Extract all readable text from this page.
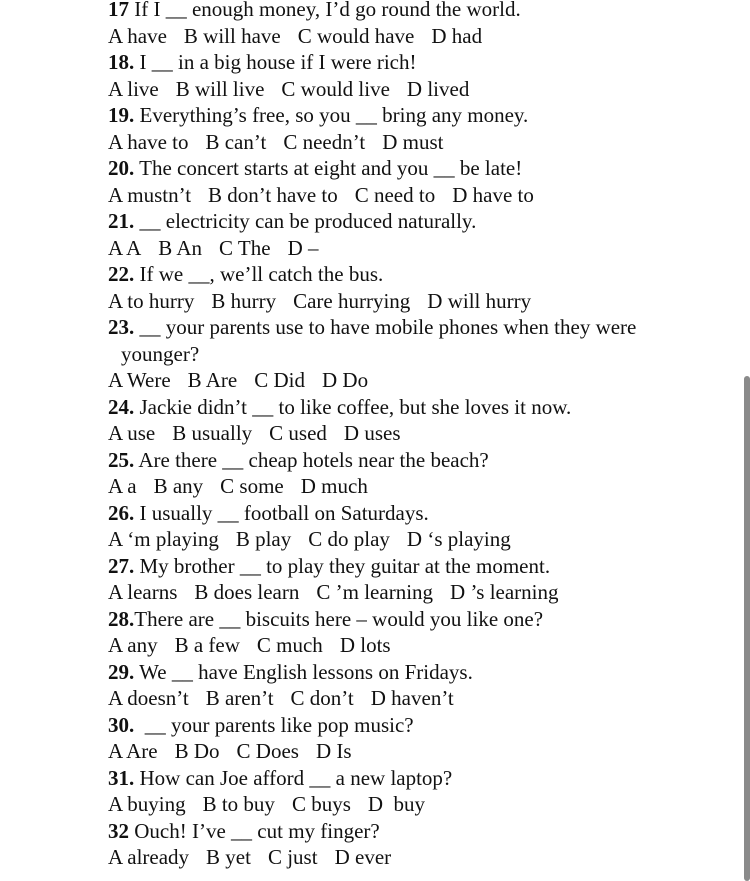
17 If I __ enough money, I’d go round the world.
A have B will have C would have D had
18. I __ in a big house if I were rich!
A live B will live C would live D lived
19. Everything’s free, so you __ bring any money.
A have to B can’t C needn’t D must
20. The concert starts at eight and you __ be late!
A mustn’t B don’t have to C need to D have to
21. __ electricity can be produced naturally.
A A B An C The D –
22. If we __, we’ll catch the bus.
A to hurry B hurry Care hurrying D will hurry
23. __ your parents use to have mobile phones when they were
younger?
A Were B Are C Did D Do
24. Jackie didn’t __ to like coffee, but she loves it now.
A use B usually C used D uses
25. Are there __ cheap hotels near the beach?
A a B any C some D much
26. I usually __ football on Saturdays.
A ‘m playing B play C do play D ‘s playing
27. My brother __ to play they guitar at the moment.
A learns B does learn C ’m learning D ’s learning
28.There are __ biscuits here – would you like one?
A any B a few C much D lots
29. We __ have English lessons on Fridays.
A doesn’t B aren’t C don’t D haven’t
30.  __ your parents like pop music?
A Are B Do C Does D Is
31. How can Joe afford __ a new laptop?
A buying B to buy C buys D  buy
32 Ouch! I’ve __ cut my finger?
A already B yet C just D ever
